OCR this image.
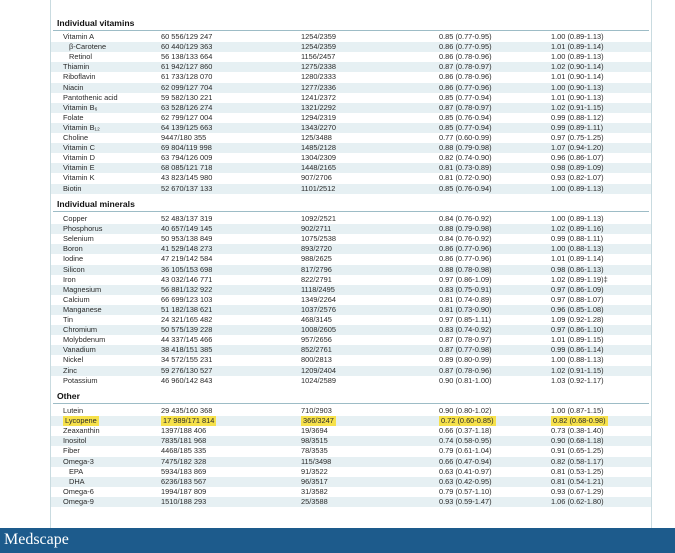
Individual vitamins
Vitamin A	60 556/129 247	1254/2359	0.85 (0.77-0.95)	1.00 (0.89-1.13)
β-Carotene	60 440/129 363	1254/2359	0.86 (0.77-0.95)	1.01 (0.89-1.14)
Retinol	56 138/133 664	1156/2457	0.86 (0.78-0.96)	1.00 (0.89-1.13)
Thiamin	61 942/127 860	1275/2338	0.87 (0.78-0.97)	1.02 (0.90-1.14)
Riboflavin	61 733/128 070	1280/2333	0.86 (0.78-0.96)	1.01 (0.90-1.14)
Niacin	62 099/127 704	1277/2336	0.86 (0.77-0.96)	1.00 (0.90-1.13)
Pantothenic acid	59 582/130 221	1241/2372	0.85 (0.77-0.94)	1.01 (0.90-1.13)
Vitamin B₆	63 528/126 274	1321/2292	0.87 (0.78-0.97)	1.02 (0.91-1.15)
Folate	62 799/127 004	1294/2319	0.85 (0.76-0.94)	0.99 (0.88-1.12)
Vitamin B₁₂	64 139/125 663	1343/2270	0.85 (0.77-0.94)	0.99 (0.89-1.11)
Choline	9447/180 355	125/3488	0.77 (0.60-0.99)	0.97 (0.75-1.25)
Vitamin C	69 804/119 998	1485/2128	0.88 (0.79-0.98)	1.07 (0.94-1.20)
Vitamin D	63 794/126 009	1304/2309	0.82 (0.74-0.90)	0.96 (0.86-1.07)
Vitamin E	68 085/121 718	1448/2165	0.81 (0.73-0.89)	0.98 (0.89-1.09)
Vitamin K	43 823/145 980	907/2706	0.81 (0.72-0.90)	0.93 (0.82-1.07)
Biotin	52 670/137 133	1101/2512	0.85 (0.76-0.94)	1.00 (0.89-1.13)
Individual minerals
Copper	52 483/137 319	1092/2521	0.84 (0.76-0.92)	1.00 (0.89-1.13)
Phosphorus	40 657/149 145	902/2711	0.88 (0.79-0.98)	1.02 (0.89-1.16)
Selenium	50 953/138 849	1075/2538	0.84 (0.76-0.92)	0.99 (0.88-1.11)
Boron	41 529/148 273	893/2720	0.86 (0.77-0.96)	1.00 (0.88-1.13)
Iodine	47 219/142 584	988/2625	0.86 (0.77-0.96)	1.01 (0.89-1.14)
Silicon	36 105/153 698	817/2796	0.88 (0.78-0.98)	0.98 (0.86-1.13)
Iron	43 032/146 771	822/2791	0.97 (0.86-1.09)	1.02 (0.89-1.19)‡
Magnesium	56 881/132 922	1118/2495	0.83 (0.75-0.91)	0.97 (0.86-1.09)
Calcium	66 699/123 103	1349/2264	0.81 (0.74-0.89)	0.97 (0.88-1.07)
Manganese	51 182/138 621	1037/2576	0.81 (0.73-0.90)	0.96 (0.85-1.08)
Tin	24 321/165 482	468/3145	0.97 (0.85-1.11)	1.09 (0.92-1.28)
Chromium	50 575/139 228	1008/2605	0.83 (0.74-0.92)	0.97 (0.86-1.10)
Molybdenum	44 337/145 466	957/2656	0.87 (0.78-0.97)	1.01 (0.89-1.15)
Vanadium	38 418/151 385	852/2761	0.87 (0.77-0.98)	0.99 (0.86-1.14)
Nickel	34 572/155 231	800/2813	0.89 (0.80-0.99)	1.00 (0.88-1.13)
Zinc	59 276/130 527	1209/2404	0.87 (0.78-0.96)	1.02 (0.91-1.15)
Potassium	46 960/142 843	1024/2589	0.90 (0.81-1.00)	1.03 (0.92-1.17)
Other
Lutein	29 435/160 368	710/2903	0.90 (0.80-1.02)	1.00 (0.87-1.15)
Lycopene	17 989/171 814	366/3247	0.72 (0.60-0.85)	0.82 (0.68-0.98)
Zeaxanthin	1397/188 406	19/3694	0.66 (0.37-1.18)	0.73 (0.38-1.40)
Inositol	7835/181 968	98/3515	0.74 (0.58-0.95)	0.90 (0.68-1.18)
Fiber	4468/185 335	78/3535	0.79 (0.61-1.04)	0.91 (0.65-1.25)
Omega-3	7475/182 328	115/3498	0.66 (0.47-0.94)	0.82 (0.58-1.17)
EPA	5934/183 869	91/3522	0.63 (0.41-0.97)	0.81 (0.53-1.25)
DHA	6236/183 567	96/3517	0.63 (0.42-0.95)	0.81 (0.54-1.21)
Omega-6	1994/187 809	31/3582	0.79 (0.57-1.10)	0.93 (0.67-1.29)
Omega-9	1510/188 293	25/3588	0.93 (0.59-1.47)	1.06 (0.62-1.80)
Medscape
